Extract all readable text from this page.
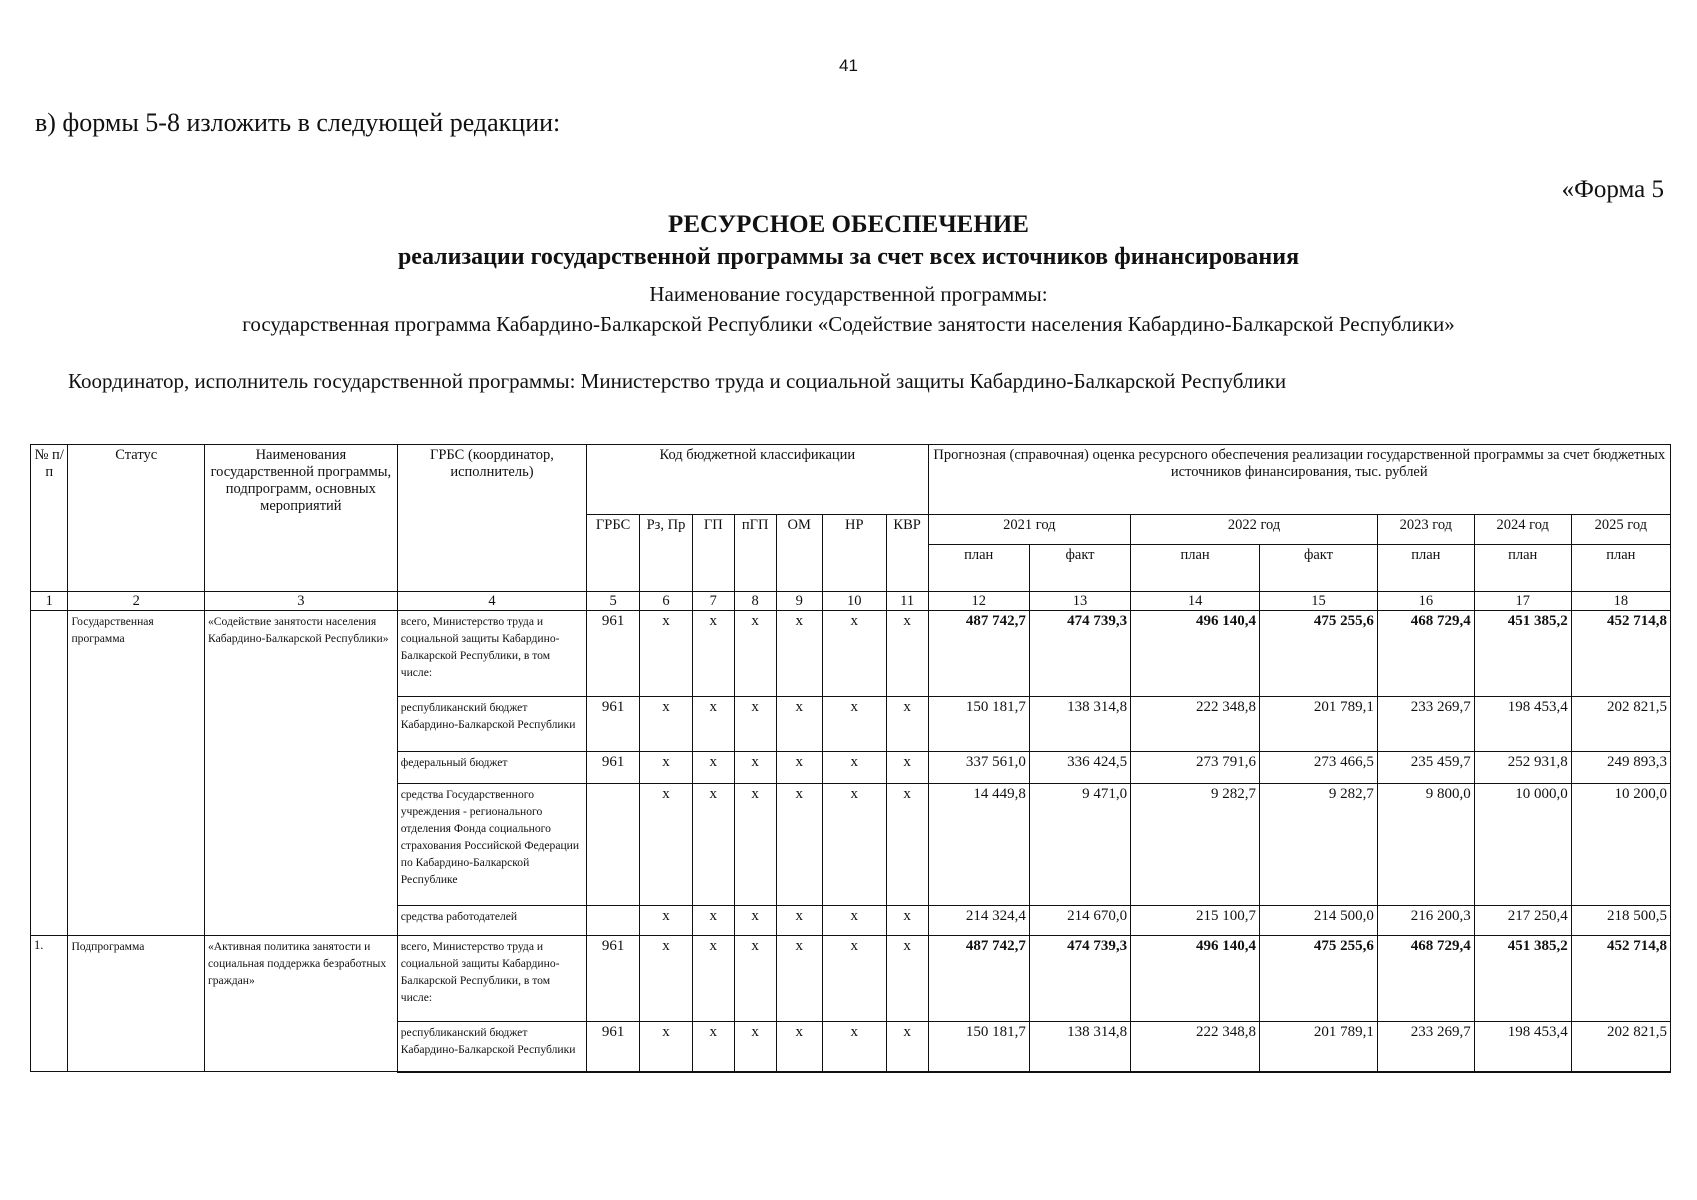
41
в) формы 5-8 изложить в следующей редакции:
«Форма 5
РЕСУРСНОЕ ОБЕСПЕЧЕНИЕ
реализации государственной программы за счет всех источников финансирования
Наименование государственной программы:
государственная программа Кабардино-Балкарской Республики «Содействие занятости населения Кабардино-Балкарской Республики»
Координатор, исполнитель государственной программы: Министерство труда и социальной защиты Кабардино-Балкарской Республики
№ п/п	Статус	Наименования государственной программы, подпрограмм, основных мероприятий	ГРБС (координатор, исполнитель)	Код бюджетной классификации							Прогнозная (справочная) оценка ресурсного обеспечения реализации государственной программы за счет бюджетных источников финансирования, тыс. рублей						
				ГРБС	Рз, Пр	ГП	пГП	ОМ	НР	КВР	2021 год		2022 год		2023 год	2024 год	2025 год
											план	факт	план	факт	план	план	план
1	2	3	4	5	6	7	8	9	10	11	12	13	14	15	16	17	18
	Государственная программа	«Содействие занятости населения Кабардино-Балкарской Республики»	всего, Министерство труда и социальной защиты Кабардино-Балкарской Республики, в том числе:	961	х	х	х	х	х	х	487 742,7	474 739,3	496 140,4	475 255,6	468 729,4	451 385,2	452 714,8
			республиканский бюджет Кабардино-Балкарской Республики	961	х	х	х	х	х	х	150 181,7	138 314,8	222 348,8	201 789,1	233 269,7	198 453,4	202 821,5
			федеральный бюджет	961	х	х	х	х	х	х	337 561,0	336 424,5	273 791,6	273 466,5	235 459,7	252 931,8	249 893,3
			средства Государственного учреждения - регионального отделения Фонда социального страхования Российской Федерации по Кабардино-Балкарской Республике		х	х	х	х	х	х	14 449,8	9 471,0	9 282,7	9 282,7	9 800,0	10 000,0	10 200,0
			средства работодателей		х	х	х	х	х	х	214 324,4	214 670,0	215 100,7	214 500,0	216 200,3	217 250,4	218 500,5
1.	Подпрограмма	«Активная политика занятости и социальная поддержка безработных граждан»	всего, Министерство труда и социальной защиты Кабардино-Балкарской Республики, в том числе:	961	х	х	х	х	х	х	487 742,7	474 739,3	496 140,4	475 255,6	468 729,4	451 385,2	452 714,8
			республиканский бюджет Кабардино-Балкарской Республики	961	х	х	х	х	х	х	150 181,7	138 314,8	222 348,8	201 789,1	233 269,7	198 453,4	202 821,5
